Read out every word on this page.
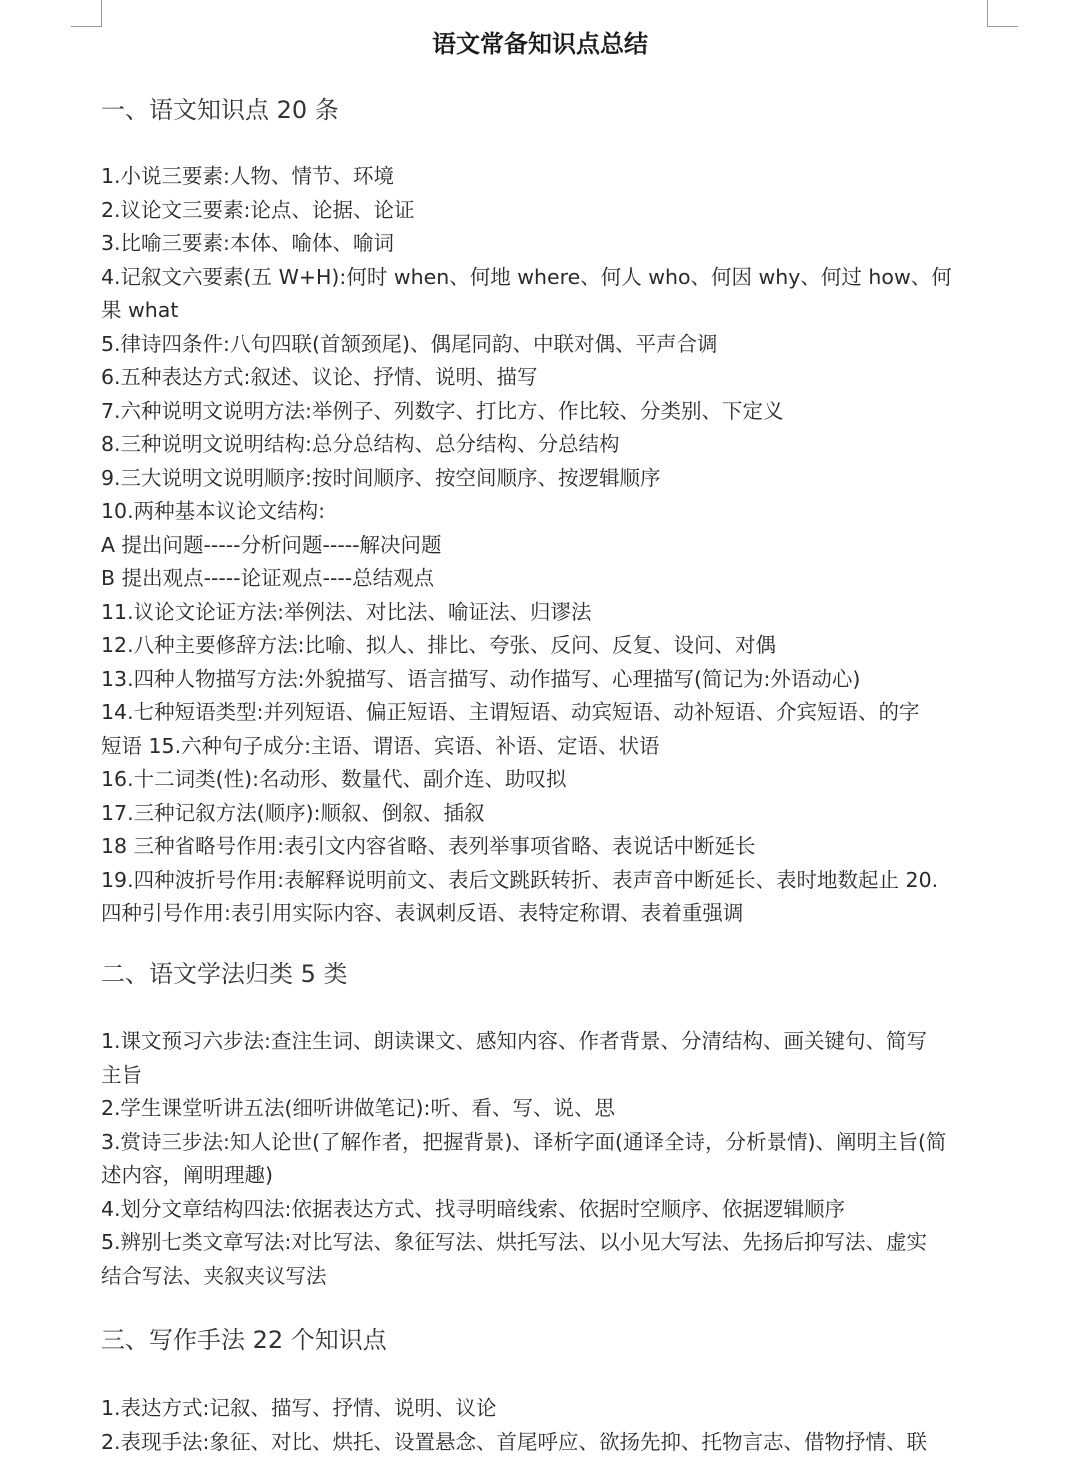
语文常备知识点总结
一、语文知识点 20 条
1.小说三要素:人物、情节、环境
2.议论文三要素:论点、论据、论证
3.比喻三要素:本体、喻体、喻词
4.记叙文六要素(五 W+H):何时 when、何地 where、何人 who、何因 why、何过 how、何
果 what
5.律诗四条件:八句四联(首颔颈尾)、偶尾同韵、中联对偶、平声合调
6.五种表达方式:叙述、议论、抒情、说明、描写
7.六种说明文说明方法:举例子、列数字、打比方、作比较、分类别、下定义
8.三种说明文说明结构:总分总结构、总分结构、分总结构
9.三大说明文说明顺序:按时间顺序、按空间顺序、按逻辑顺序
10.两种基本议论文结构:
A 提出问题-----分析问题-----解决问题
B 提出观点-----论证观点----总结观点
11.议论文论证方法:举例法、对比法、喻证法、归谬法
12.八种主要修辞方法:比喻、拟人、排比、夸张、反问、反复、设问、对偶
13.四种人物描写方法:外貌描写、语言描写、动作描写、心理描写(简记为:外语动心)
14.七种短语类型:并列短语、偏正短语、主谓短语、动宾短语、动补短语、介宾短语、的字
短语 15.六种句子成分:主语、谓语、宾语、补语、定语、状语
16.十二词类(性):名动形、数量代、副介连、助叹拟
17.三种记叙方法(顺序):顺叙、倒叙、插叙
18 三种省略号作用:表引文内容省略、表列举事项省略、表说话中断延长
19.四种波折号作用:表解释说明前文、表后文跳跃转折、表声音中断延长、表时地数起止 20.
四种引号作用:表引用实际内容、表讽刺反语、表特定称谓、表着重强调
二、语文学法归类 5 类
1.课文预习六步法:查注生词、朗读课文、感知内容、作者背景、分清结构、画关键句、简写
主旨
2.学生课堂听讲五法(细听讲做笔记):听、看、写、说、思
3.赏诗三步法:知人论世(了解作者，把握背景)、译析字面(通译全诗，分析景情)、阐明主旨(简
述内容，阐明理趣)
4.划分文章结构四法:依据表达方式、找寻明暗线索、依据时空顺序、依据逻辑顺序
5.辨别七类文章写法:对比写法、象征写法、烘托写法、以小见大写法、先扬后抑写法、虚实
结合写法、夹叙夹议写法
三、写作手法 22 个知识点
1.表达方式:记叙、描写、抒情、说明、议论
2.表现手法:象征、对比、烘托、设置悬念、首尾呼应、欲扬先抑、托物言志、借物抒情、联
